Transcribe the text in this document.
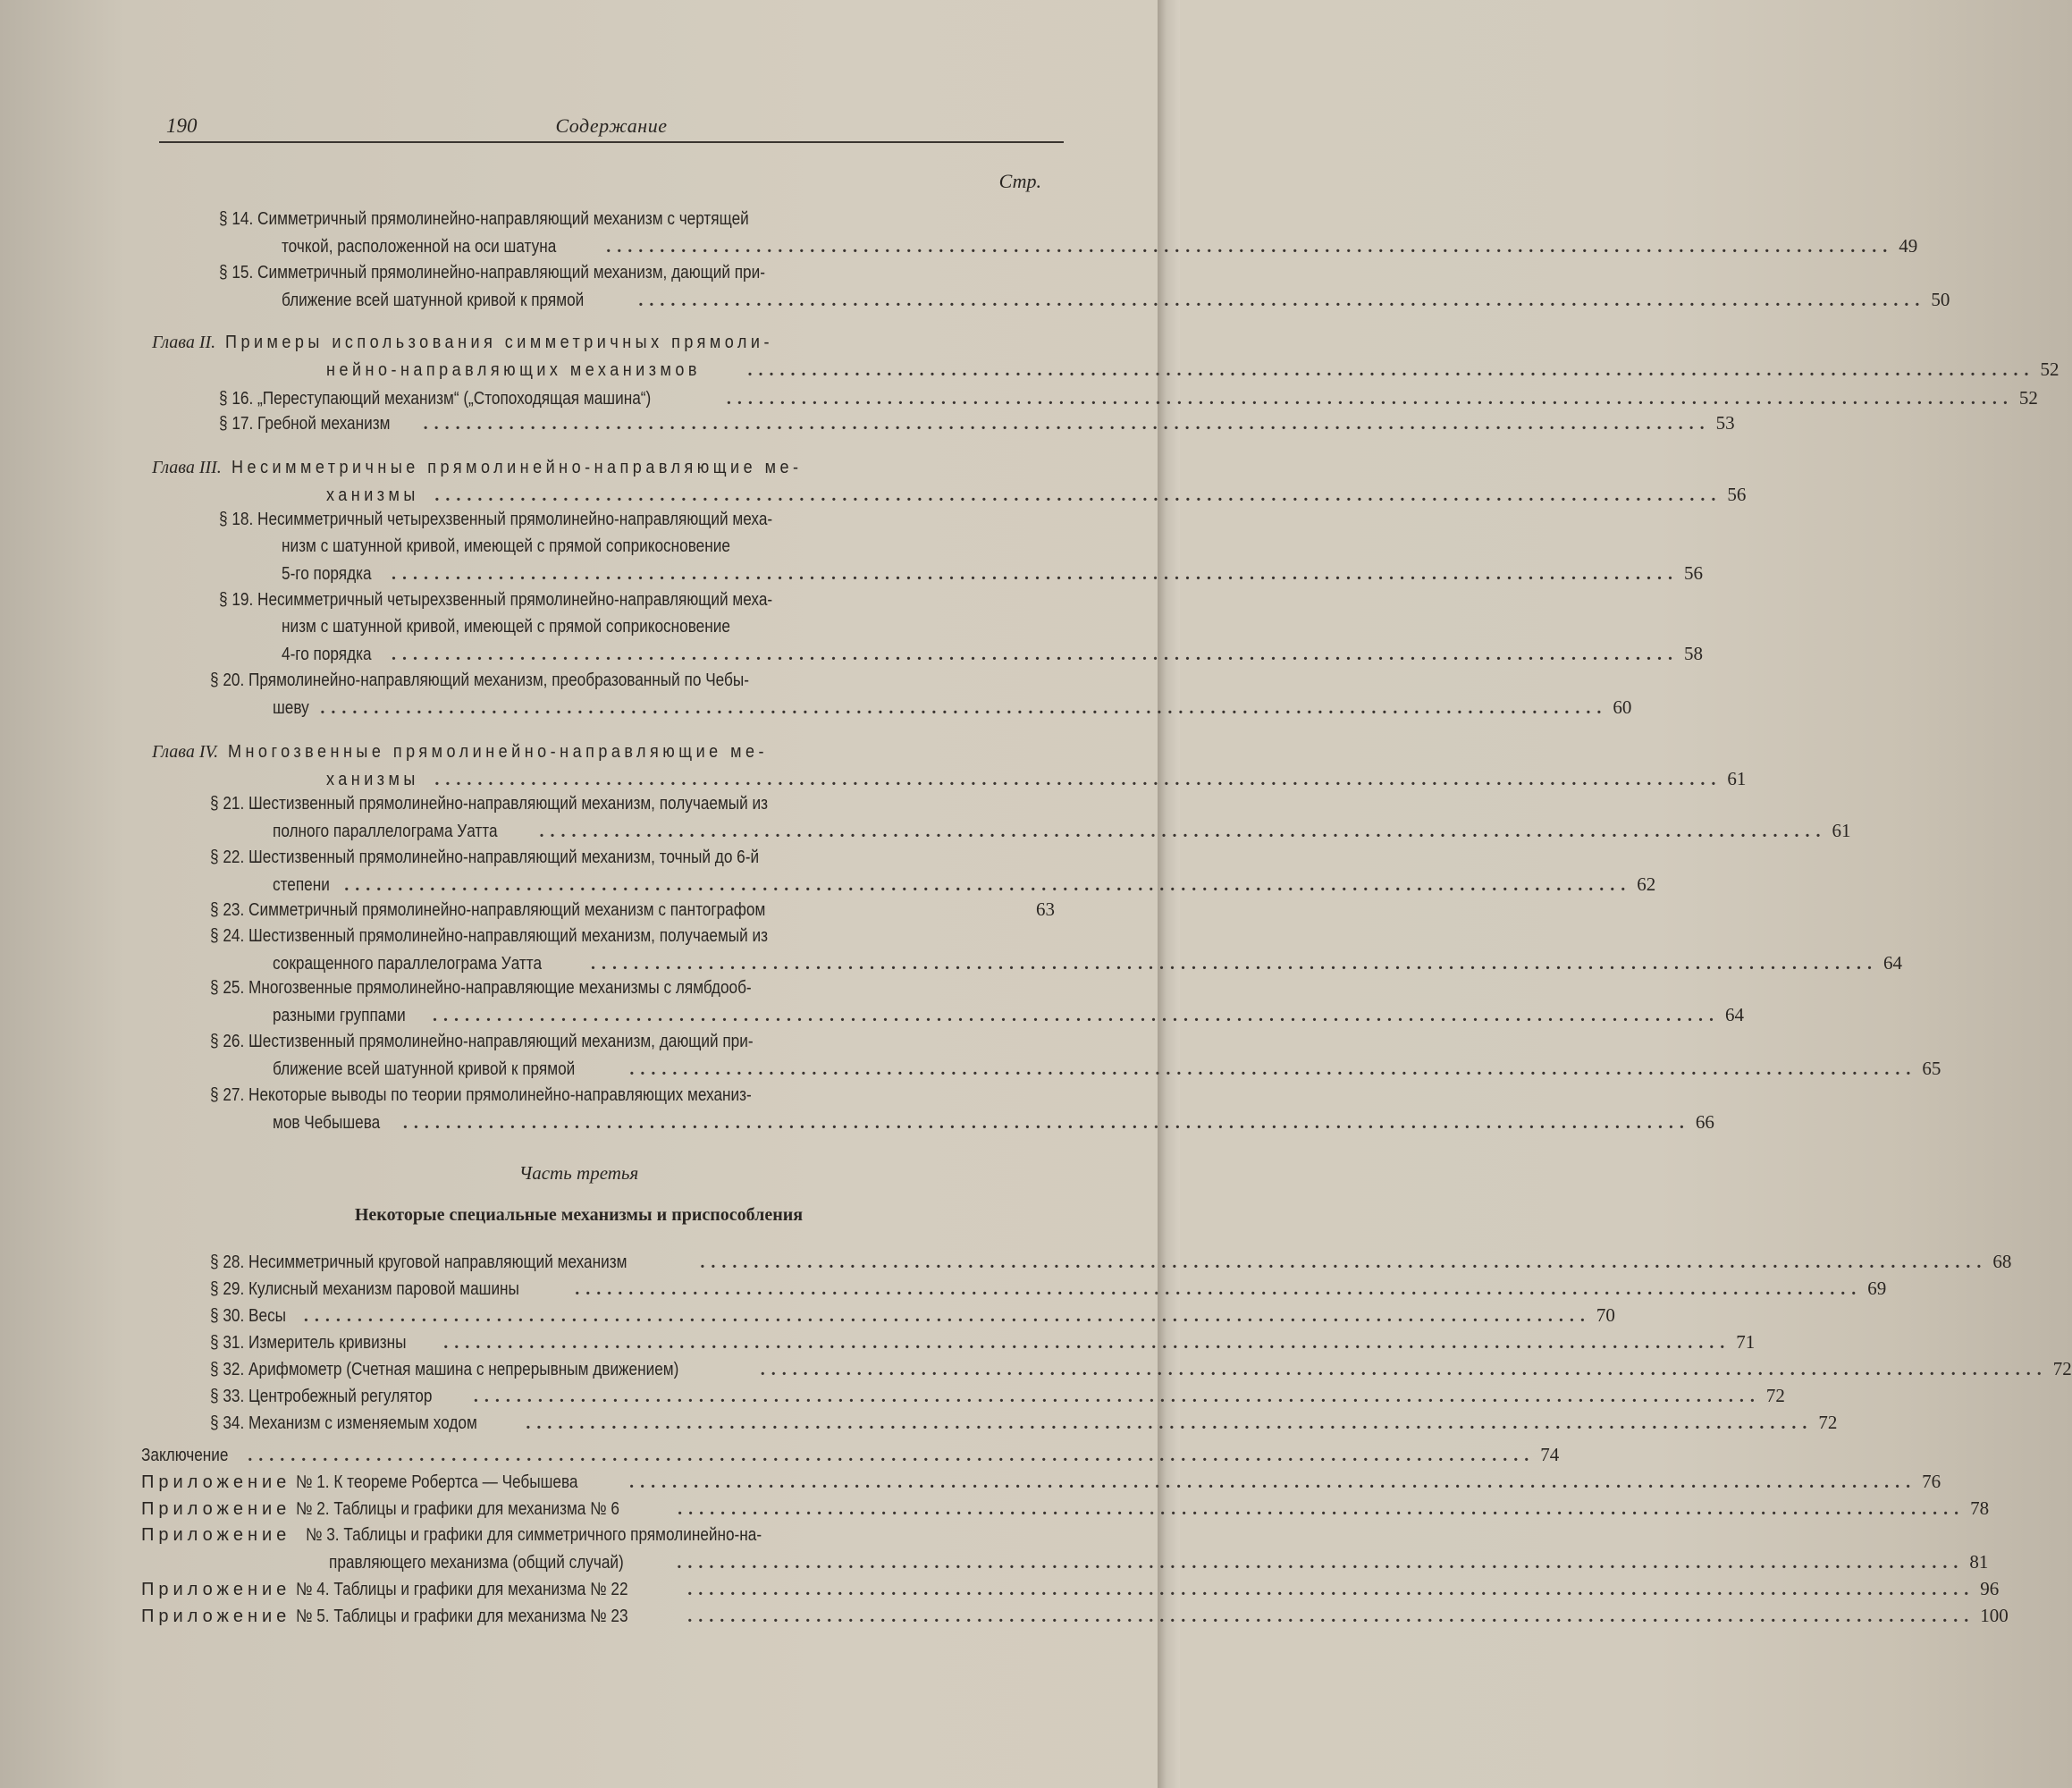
190	Содержание
Стр.
§ 14. Симметричный прямолинейно-направляющий механизм с чертящей
точкой, расположенной на оси шатуна	........................................................................................................................ 49
§ 15. Симметричный прямолинейно-направляющий механизм, дающий при-
ближение всей шатунной кривой к прямой	........................................................................................................................ 50
Глава II. Примеры использования симметричных прямоли-
нейно-направляющих механизмов	........................................................................................................................ 52
§ 16. „Переступающий механизм“ („Стопоходящая машина“)	........................................................................................................................ 52
§ 17. Гребной механизм ........................................................................................................................ 53
Глава III. Несимметричные прямолинейно-направляющие ме-
ханизмы ........................................................................................................................ 56
§ 18. Несимметричный четырехзвенный прямолинейно-направляющий меха-
низм с шатунной кривой, имеющей с прямой соприкосновение
5-го порядка ........................................................................................................................ 56
§ 19. Несимметричный четырехзвенный прямолинейно-направляющий меха-
низм с шатунной кривой, имеющей с прямой соприкосновение
4-го порядка ........................................................................................................................ 58
§ 20. Прямолинейно-направляющий механизм, преобразованный по Чебы-
шеву ........................................................................................................................ 60
Глава IV. Многозвенные прямолинейно-направляющие ме-
ханизмы ........................................................................................................................ 61
§ 21. Шестизвенный прямолинейно-направляющий механизм, получаемый из
полного параллелограма Уатта ........................................................................................................................ 61
§ 22. Шестизвенный прямолинейно-направляющий механизм, точный до 6-й
степени ........................................................................................................................ 62
§ 23. Симметричный прямолинейно-направляющий механизм с пантографом	63
§ 24. Шестизвенный прямолинейно-направляющий механизм, получаемый из
сокращенного параллелограма Уатта	........................................................................................................................ 64
§ 25. Многозвенные прямолинейно-направляющие механизмы с лямбдооб-
разными группами ........................................................................................................................ 64
§ 26. Шестизвенный прямолинейно-направляющий механизм, дающий при-
ближение всей шатунной кривой к прямой	........................................................................................................................ 65
§ 27. Некоторые выводы по теории прямолинейно-направляющих механиз-
мов Чебышева ........................................................................................................................ 66
§ 28. Несимметричный круговой направляющий механизм	........................................................................................................................ 68
§ 29. Кулисный механизм паровой машины	........................................................................................................................ 69
§ 30. Весы ........................................................................................................................ 70
§ 31. Измеритель кривизны ........................................................................................................................ 71
§ 32. Арифмометр (Счетная машина с непрерывным движением)	........................................................................................................................ 72
§ 33. Центробежный регулятор ........................................................................................................................ 72
§ 34. Механизм с изменяемым ходом	........................................................................................................................ 72
Заключение ........................................................................................................................ 74
Приложение № 1. К теореме Робертса — Чебышева	........................................................................................................................ 76
Приложение № 2. Таблицы и графики для механизма № 6	........................................................................................................................ 78
Приложение № 3. Таблицы и графики для симметричного прямолинейно-на-
правляющего механизма (общий случай)	........................................................................................................................ 81
Приложение № 4. Таблицы и графики для механизма № 22	........................................................................................................................ 96
Приложение № 5. Таблицы и графики для механизма № 23	........................................................................................................................ 100
Часть третья
Некоторые специальные механизмы и приспособления
